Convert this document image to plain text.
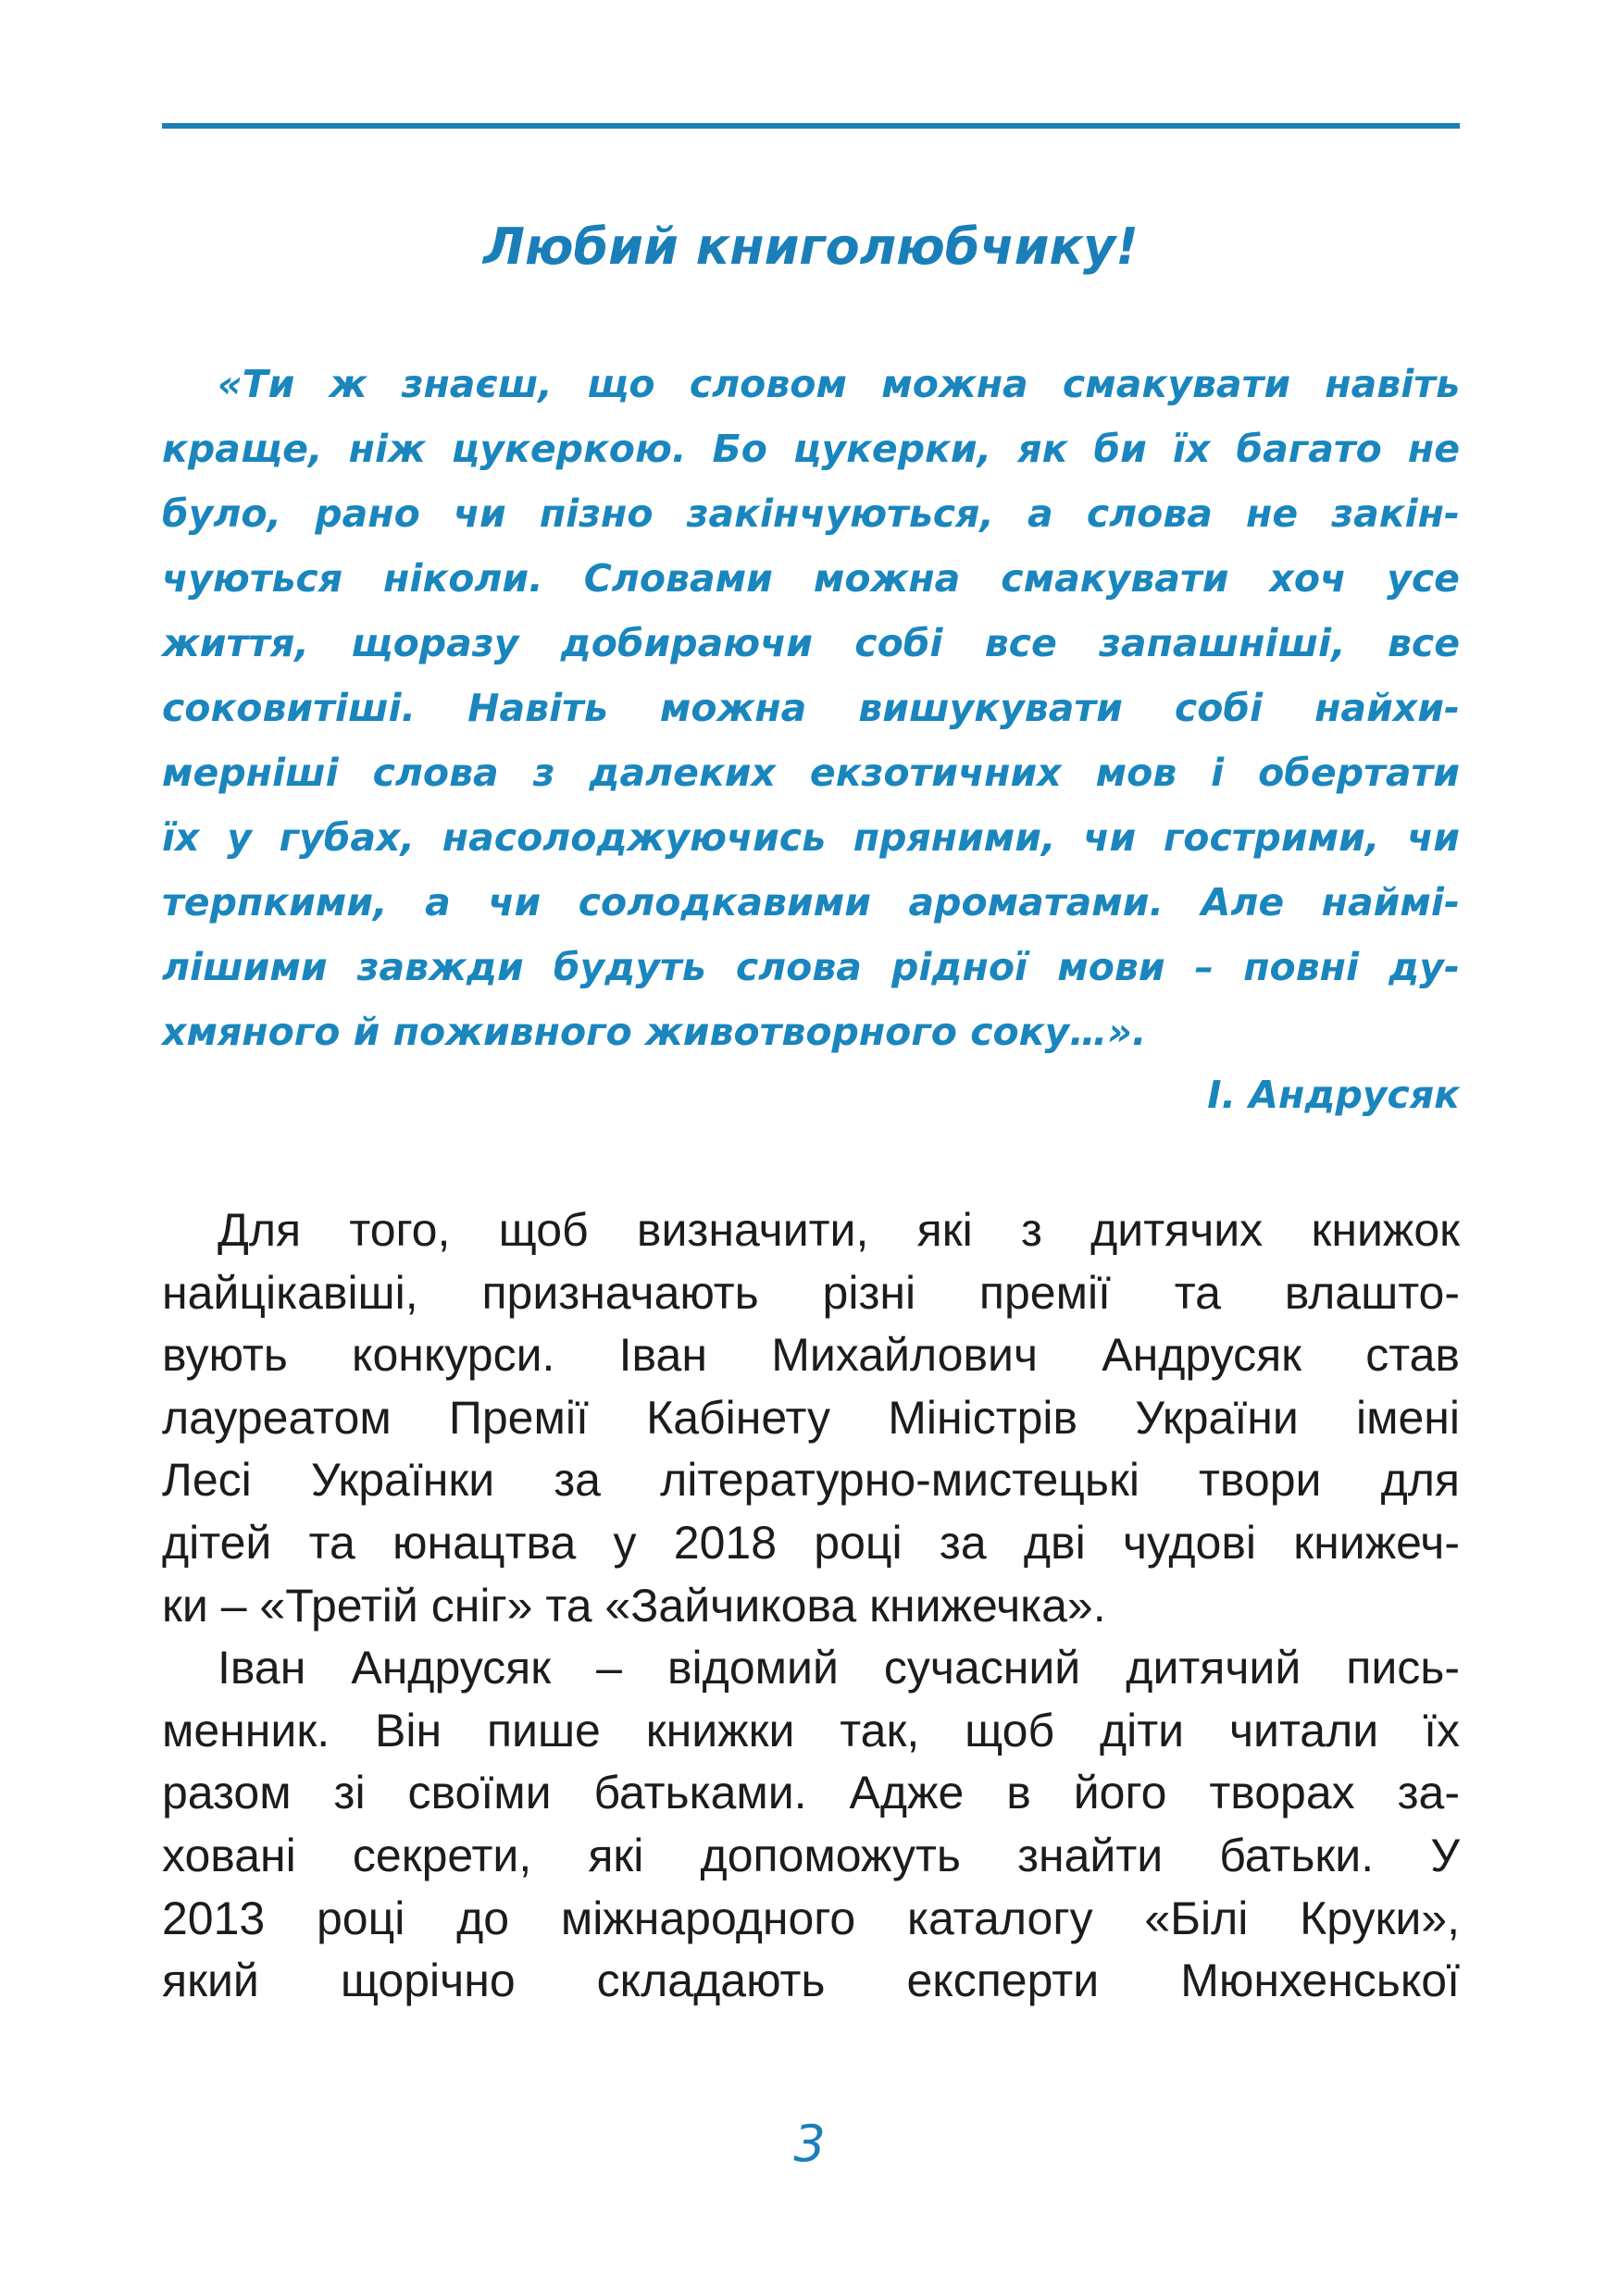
Любий книголюбчику!
«Ти ж знаєш, що словом можна смакувати навіть
краще, ніж цукеркою. Бо цукерки, як би їх багато не
було, рано чи пізно закінчуються, а слова не закін-
чуються ніколи. Словами можна смакувати хоч усе
життя, щоразу добираючи собі все запашніші, все
соковитіші. Навіть можна вишукувати собі найхи-
мерніші слова з далеких екзотичних мов і обертати
їх у губах, насолоджуючись пряними, чи гострими, чи
терпкими, а чи солодкавими ароматами. Але наймі-
лішими завжди будуть слова рідної мови – повні ду-
хмяного й поживного животворного соку…».
І. Андрусяк
Для того, щоб визначити, які з дитячих книжок
найцікавіші, призначають різні премії та влашто-
вують конкурси. Іван Михайлович Андрусяк став
лауреатом Премії Кабінету Міністрів України імені
Лесі Українки за літературно-мистецькі твори для
дітей та юнацтва у 2018 році за дві чудові книжеч-
ки – «Третій сніг» та «Зайчикова книжечка».
Іван Андрусяк – відомий сучасний дитячий пись-
менник. Він пише книжки так, щоб діти читали їх
разом зі своїми батьками. Адже в його творах за-
ховані секрети, які допоможуть знайти батьки. У
2013 році до міжнародного каталогу «Білі Круки»,
який щорічно складають експерти Мюнхенської
3
